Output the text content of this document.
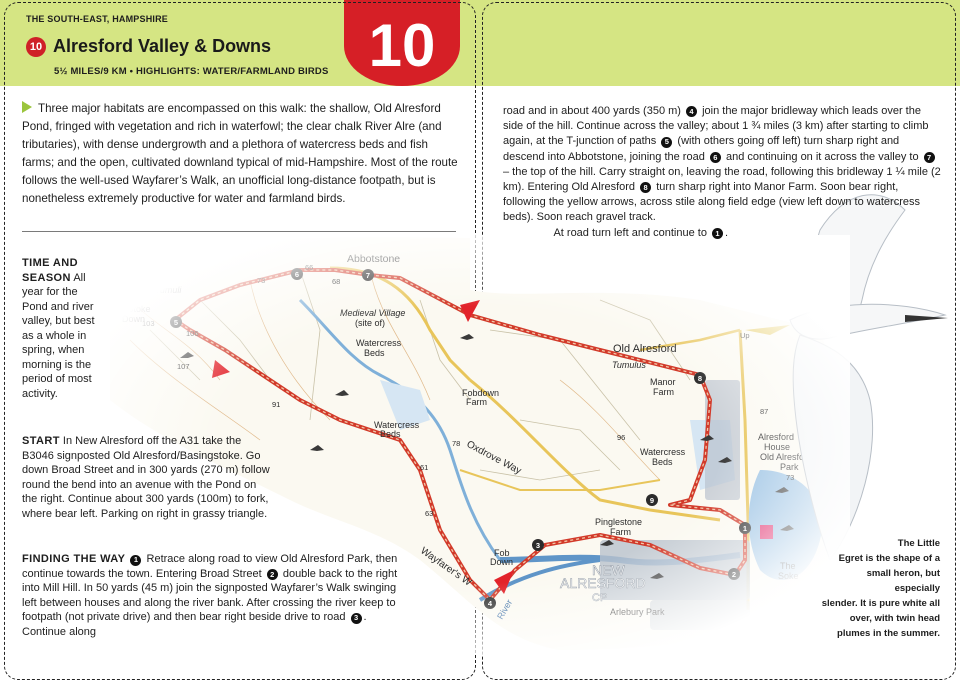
THE SOUTH-EAST, HAMPSHIRE
10 Alresford Valley & Downs
5½ MILES/9 KM • HIGHLIGHTS: WATER/FARMLAND BIRDS 10
Three major habitats are encompassed on this walk: the shallow, Old Alresford Pond, fringed with vegetation and rich in waterfowl; the clear chalk River Alre (and tributaries), with dense undergrowth and a plethora of watercress beds and fish farms; and the open, cultivated downland typical of mid-Hampshire. Most of the route follows the well-used Wayfarer’s Walk, an unofficial long-distance footpath, but is nonetheless extremely productive for water and farmland birds.
TIME AND SEASON All year for the Pond and river valley, but best as a whole in spring, when morning is the period of most activity.
START In New Alresford off the A31 take the B3046 signposted Old Alresford/Basingstoke. Go down Broad Street and in 300 yards (270 m) follow round the bend into an avenue with the Pond on the right. Continue about 300 yards (100m) to fork, where bear left. Parking on right in grassy triangle.
FINDING THE WAY 1 Retrace along road to view Old Alresford Park, then continue towards the town. Entering Broad Street 2 double back to the right into Mill Hill. In 50 yards (45 m) join the signposted Wayfarer’s Walk swinging left between houses and along the river bank. After crossing the river keep to footpath (not private drive) and then bear right beside drive to road 3 . Continue along
road and in about 400 yards (350 m) 4 join the major bridleway which leads over the side of the hill. Continue across the valley; about 1 ¾ miles (3 km) after starting to climb again, at the T-junction of paths 5 (with others going off left) turn sharp right and descend into Abbotstone, joining the road 6 and continuing on it across the valley to 7 – the top of the hill. Carry straight on, leaving the road, following this bridleway 1 ¼ mile (2 km). Entering Old Alresford 8 turn sharp right into Manor Farm. Soon bear right, following the yellow arrows, across stile along field edge (view left down to watercress beds). Soon reach gravel track.
At road turn left and continue to 1 .
The Little
Egret is the shape of a
small heron, but especially
slender. It is pure white all
over, with twin head
plumes in the summer.
